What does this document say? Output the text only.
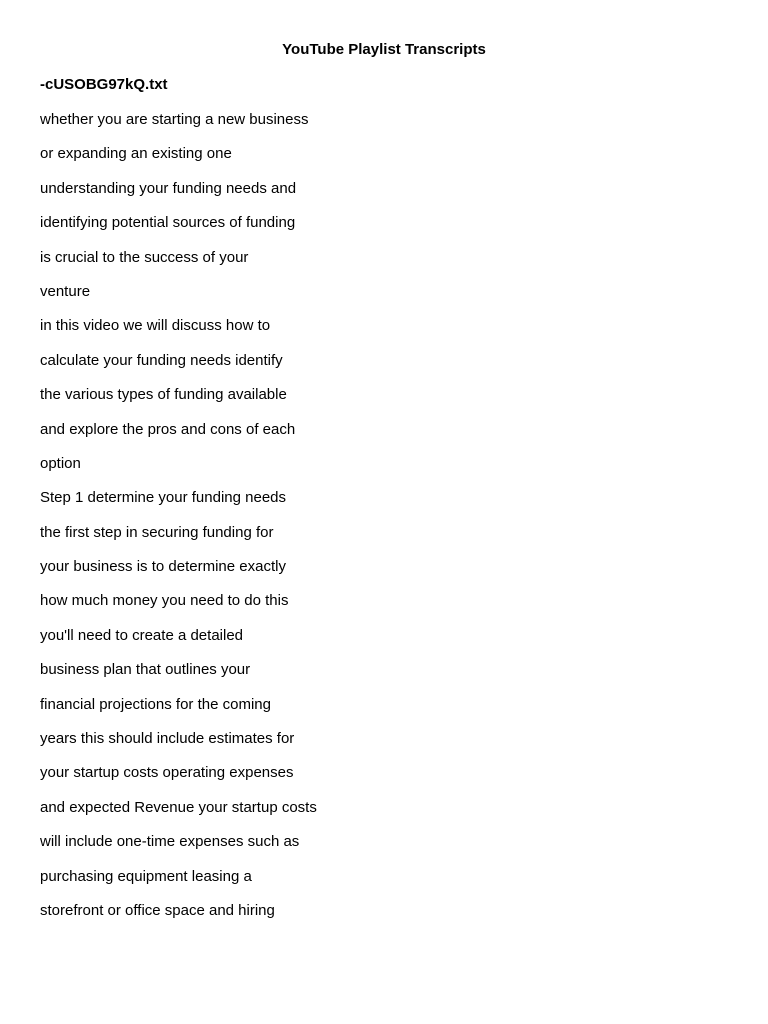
YouTube Playlist Transcripts
-cUSOBG97kQ.txt
whether you are starting a new business
or expanding an existing one
understanding your funding needs and
identifying potential sources of funding
is crucial to the success of your
venture
in this video we will discuss how to
calculate your funding needs identify
the various types of funding available
and explore the pros and cons of each
option
Step 1 determine your funding needs
the first step in securing funding for
your business is to determine exactly
how much money you need to do this
you'll need to create a detailed
business plan that outlines your
financial projections for the coming
years this should include estimates for
your startup costs operating expenses
and expected Revenue your startup costs
will include one-time expenses such as
purchasing equipment leasing a
storefront or office space and hiring
